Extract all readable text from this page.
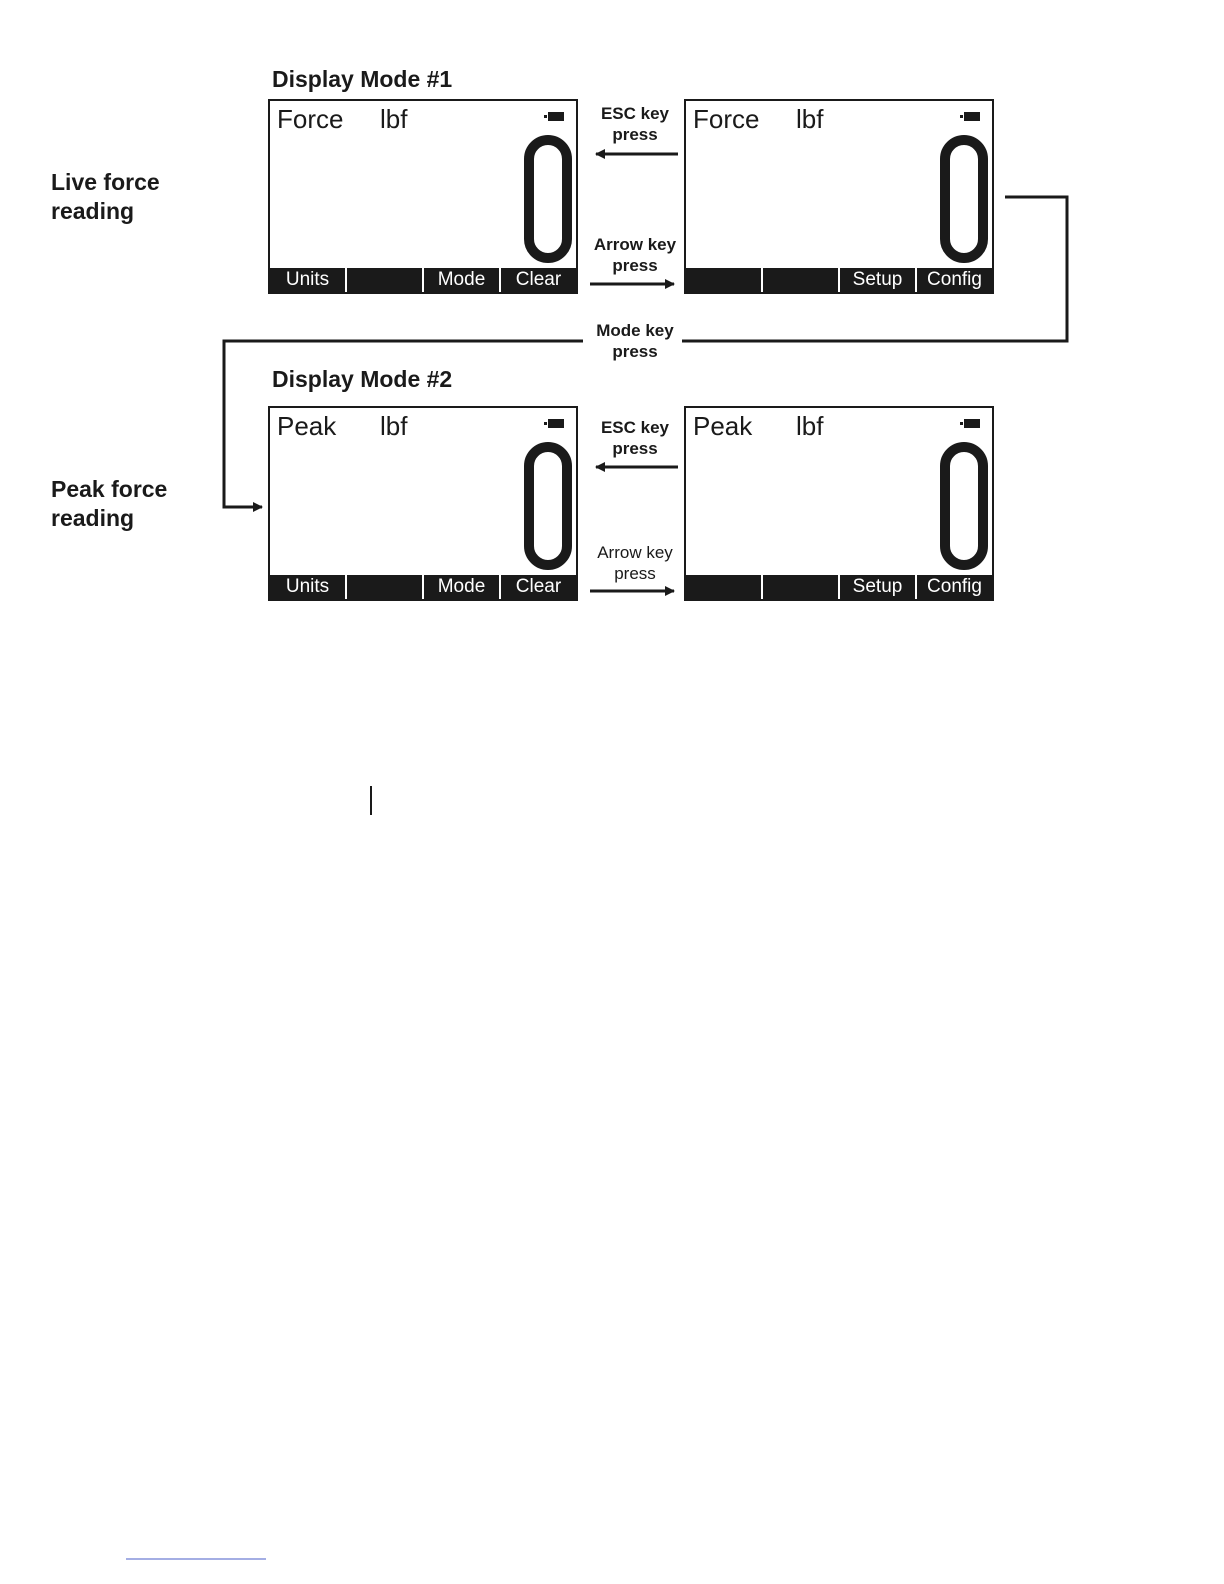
Display Mode #1
Live force
reading
Force lbf
Units	Mode	Clear
ESC key
press
Arrow key
press
Force lbf
Setup	Config
Mode key
press
Display Mode #2
Peak force
reading
Peak lbf
Units	Mode	Clear
ESC key
press
Arrow key
press
Peak lbf
Setup	Config
